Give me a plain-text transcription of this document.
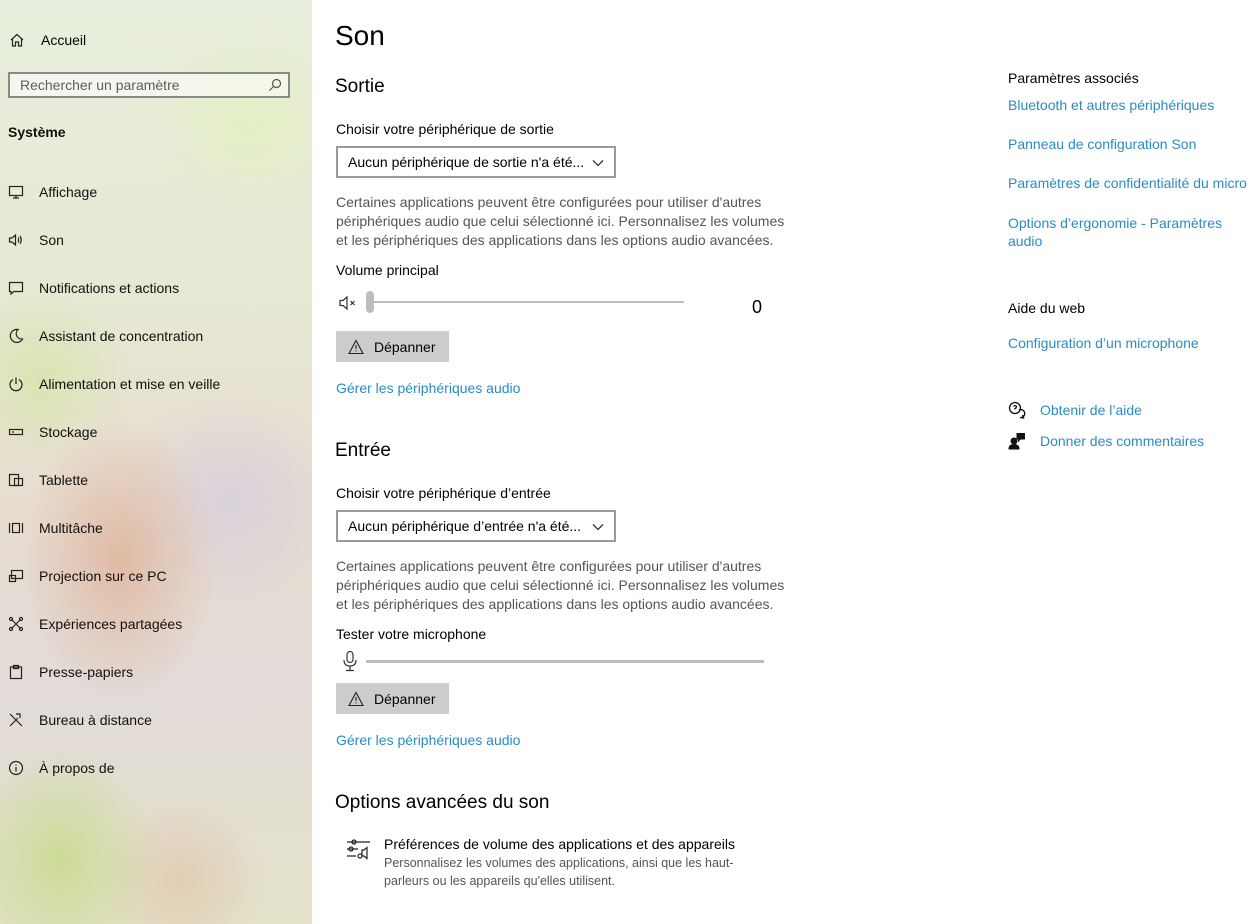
Accueil
Rechercher un paramètre
Système
Affichage
Son
Notifications et actions
Assistant de concentration
Alimentation et mise en veille
Stockage
Tablette
Multitâche
Projection sur ce PC
Expériences partagées
Presse-papiers
Bureau à distance
À propos de
Son
Sortie
Choisir votre périphérique de sortie
Aucun périphérique de sortie n'a été...
Certaines applications peuvent être configurées pour utiliser d'autres périphériques audio que celui sélectionné ici. Personnalisez les volumes et les périphériques des applications dans les options audio avancées.
Volume principal
0
Dépanner
Gérer les périphériques audio
Entrée
Choisir votre périphérique d’entrée
Aucun périphérique d’entrée n'a été...
Certaines applications peuvent être configurées pour utiliser d'autres périphériques audio que celui sélectionné ici. Personnalisez les volumes et les périphériques des applications dans les options audio avancées.
Tester votre microphone
Dépanner
Gérer les périphériques audio
Options avancées du son
Préférences de volume des applications et des appareils
Personnalisez les volumes des applications, ainsi que les haut-parleurs ou les appareils qu'elles utilisent.
Paramètres associés
Bluetooth et autres périphériques
Panneau de configuration Son
Paramètres de confidentialité du micro
Options d’ergonomie - Paramètres audio
Aide du web
Configuration d’un microphone
Obtenir de l’aide
Donner des commentaires
